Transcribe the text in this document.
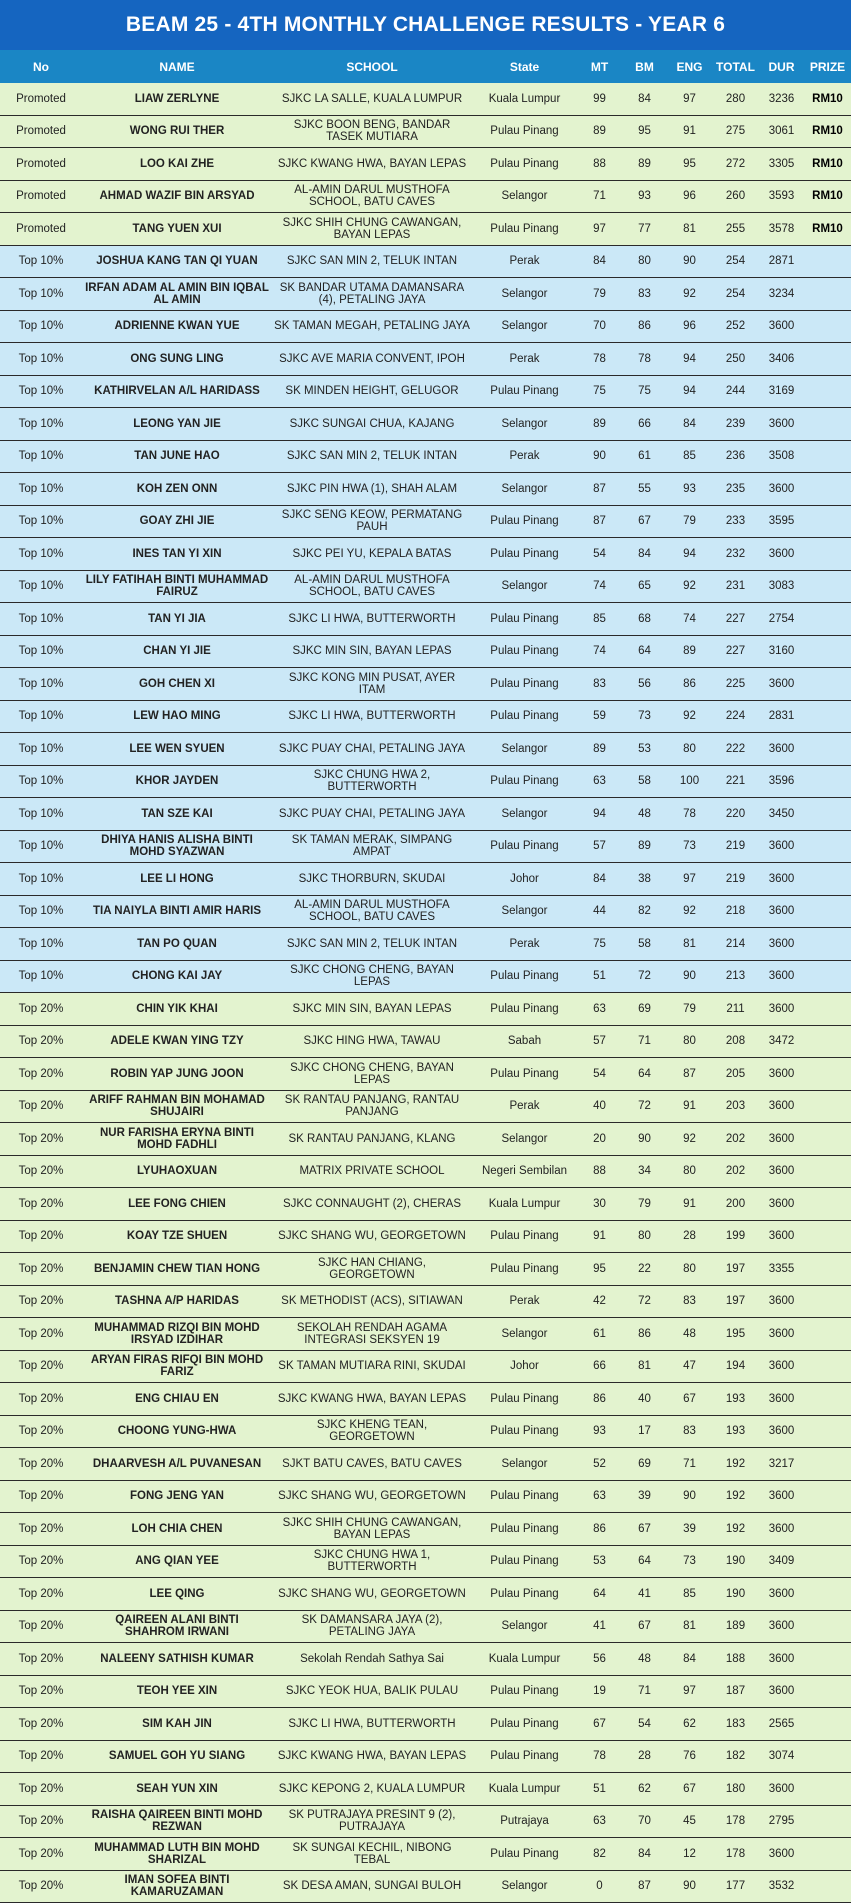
BEAM 25 - 4TH MONTHLY CHALLENGE RESULTS - YEAR 6
No	NAME	SCHOOL	State	MT	BM	ENG	TOTAL	DUR	PRIZE
Promoted	LIAW ZERLYNE	SJKC LA SALLE, KUALA LUMPUR	Kuala Lumpur	99	84	97	280	3236	RM10
Promoted	WONG RUI THER	SJKC BOON BENG, BANDAR TASEK MUTIARA	Pulau Pinang	89	95	91	275	3061	RM10
Promoted	LOO KAI ZHE	SJKC KWANG HWA, BAYAN LEPAS	Pulau Pinang	88	89	95	272	3305	RM10
Promoted	AHMAD WAZIF BIN ARSYAD	AL-AMIN DARUL MUSTHOFA SCHOOL, BATU CAVES	Selangor	71	93	96	260	3593	RM10
Promoted	TANG YUEN XUI	SJKC SHIH CHUNG CAWANGAN, BAYAN LEPAS	Pulau Pinang	97	77	81	255	3578	RM10
Top 10%	JOSHUA KANG TAN QI YUAN	SJKC SAN MIN 2, TELUK INTAN	Perak	84	80	90	254	2871	
Top 10%	IRFAN ADAM AL AMIN BIN IQBAL AL AMIN	SK BANDAR UTAMA DAMANSARA (4), PETALING JAYA	Selangor	79	83	92	254	3234	
Top 10%	ADRIENNE KWAN YUE	SK TAMAN MEGAH, PETALING JAYA	Selangor	70	86	96	252	3600	
Top 10%	ONG SUNG LING	SJKC AVE MARIA CONVENT, IPOH	Perak	78	78	94	250	3406	
Top 10%	KATHIRVELAN A/L HARIDASS	SK MINDEN HEIGHT, GELUGOR	Pulau Pinang	75	75	94	244	3169	
Top 10%	LEONG YAN JIE	SJKC SUNGAI CHUA, KAJANG	Selangor	89	66	84	239	3600	
Top 10%	TAN JUNE HAO	SJKC SAN MIN 2, TELUK INTAN	Perak	90	61	85	236	3508	
Top 10%	KOH ZEN ONN	SJKC PIN HWA (1), SHAH ALAM	Selangor	87	55	93	235	3600	
Top 10%	GOAY ZHI JIE	SJKC SENG KEOW, PERMATANG PAUH	Pulau Pinang	87	67	79	233	3595	
Top 10%	INES TAN YI XIN	SJKC PEI YU, KEPALA BATAS	Pulau Pinang	54	84	94	232	3600	
Top 10%	LILY FATIHAH BINTI MUHAMMAD FAIRUZ	AL-AMIN DARUL MUSTHOFA SCHOOL, BATU CAVES	Selangor	74	65	92	231	3083	
Top 10%	TAN YI JIA	SJKC LI HWA, BUTTERWORTH	Pulau Pinang	85	68	74	227	2754	
Top 10%	CHAN YI JIE	SJKC MIN SIN, BAYAN LEPAS	Pulau Pinang	74	64	89	227	3160	
Top 10%	GOH CHEN XI	SJKC KONG MIN PUSAT, AYER ITAM	Pulau Pinang	83	56	86	225	3600	
Top 10%	LEW HAO MING	SJKC LI HWA, BUTTERWORTH	Pulau Pinang	59	73	92	224	2831	
Top 10%	LEE WEN SYUEN	SJKC PUAY CHAI, PETALING JAYA	Selangor	89	53	80	222	3600	
Top 10%	KHOR JAYDEN	SJKC CHUNG HWA 2, BUTTERWORTH	Pulau Pinang	63	58	100	221	3596	
Top 10%	TAN SZE KAI	SJKC PUAY CHAI, PETALING JAYA	Selangor	94	48	78	220	3450	
Top 10%	DHIYA HANIS ALISHA BINTI MOHD SYAZWAN	SK TAMAN MERAK, SIMPANG AMPAT	Pulau Pinang	57	89	73	219	3600	
Top 10%	LEE LI HONG	SJKC THORBURN, SKUDAI	Johor	84	38	97	219	3600	
Top 10%	TIA NAIYLA BINTI AMIR HARIS	AL-AMIN DARUL MUSTHOFA SCHOOL, BATU CAVES	Selangor	44	82	92	218	3600	
Top 10%	TAN PO QUAN	SJKC SAN MIN 2, TELUK INTAN	Perak	75	58	81	214	3600	
Top 10%	CHONG KAI JAY	SJKC CHONG CHENG, BAYAN LEPAS	Pulau Pinang	51	72	90	213	3600	
Top 20%	CHIN YIK KHAI	SJKC MIN SIN, BAYAN LEPAS	Pulau Pinang	63	69	79	211	3600	
Top 20%	ADELE KWAN YING TZY	SJKC HING HWA, TAWAU	Sabah	57	71	80	208	3472	
Top 20%	ROBIN YAP JUNG JOON	SJKC CHONG CHENG, BAYAN LEPAS	Pulau Pinang	54	64	87	205	3600	
Top 20%	ARIFF RAHMAN BIN MOHAMAD SHUJAIRI	SK RANTAU PANJANG, RANTAU PANJANG	Perak	40	72	91	203	3600	
Top 20%	NUR FARISHA ERYNA BINTI MOHD FADHLI	SK RANTAU PANJANG, KLANG	Selangor	20	90	92	202	3600	
Top 20%	LYUHAOXUAN	MATRIX PRIVATE SCHOOL	Negeri Sembilan	88	34	80	202	3600	
Top 20%	LEE FONG CHIEN	SJKC CONNAUGHT (2), CHERAS	Kuala Lumpur	30	79	91	200	3600	
Top 20%	KOAY TZE SHUEN	SJKC SHANG WU, GEORGETOWN	Pulau Pinang	91	80	28	199	3600	
Top 20%	BENJAMIN CHEW TIAN HONG	SJKC HAN CHIANG, GEORGETOWN	Pulau Pinang	95	22	80	197	3355	
Top 20%	TASHNA A/P HARIDAS	SK METHODIST (ACS), SITIAWAN	Perak	42	72	83	197	3600	
Top 20%	MUHAMMAD RIZQI BIN MOHD IRSYAD IZDIHAR	SEKOLAH RENDAH AGAMA INTEGRASI SEKSYEN 19	Selangor	61	86	48	195	3600	
Top 20%	ARYAN FIRAS RIFQI BIN MOHD FARIZ	SK TAMAN MUTIARA RINI, SKUDAI	Johor	66	81	47	194	3600	
Top 20%	ENG CHIAU EN	SJKC KWANG HWA, BAYAN LEPAS	Pulau Pinang	86	40	67	193	3600	
Top 20%	CHOONG YUNG-HWA	SJKC KHENG TEAN, GEORGETOWN	Pulau Pinang	93	17	83	193	3600	
Top 20%	DHAARVESH A/L PUVANESAN	SJKT BATU CAVES, BATU CAVES	Selangor	52	69	71	192	3217	
Top 20%	FONG JENG YAN	SJKC SHANG WU, GEORGETOWN	Pulau Pinang	63	39	90	192	3600	
Top 20%	LOH CHIA CHEN	SJKC SHIH CHUNG CAWANGAN, BAYAN LEPAS	Pulau Pinang	86	67	39	192	3600	
Top 20%	ANG QIAN YEE	SJKC CHUNG HWA 1, BUTTERWORTH	Pulau Pinang	53	64	73	190	3409	
Top 20%	LEE QING	SJKC SHANG WU, GEORGETOWN	Pulau Pinang	64	41	85	190	3600	
Top 20%	QAIREEN ALANI BINTI SHAHROM IRWANI	SK DAMANSARA JAYA (2), PETALING JAYA	Selangor	41	67	81	189	3600	
Top 20%	NALEENY SATHISH KUMAR	Sekolah Rendah Sathya Sai	Kuala Lumpur	56	48	84	188	3600	
Top 20%	TEOH YEE XIN	SJKC YEOK HUA, BALIK PULAU	Pulau Pinang	19	71	97	187	3600	
Top 20%	SIM KAH JIN	SJKC LI HWA, BUTTERWORTH	Pulau Pinang	67	54	62	183	2565	
Top 20%	SAMUEL GOH YU SIANG	SJKC KWANG HWA, BAYAN LEPAS	Pulau Pinang	78	28	76	182	3074	
Top 20%	SEAH YUN XIN	SJKC KEPONG 2, KUALA LUMPUR	Kuala Lumpur	51	62	67	180	3600	
Top 20%	RAISHA QAIREEN BINTI MOHD REZWAN	SK PUTRAJAYA PRESINT 9 (2), PUTRAJAYA	Putrajaya	63	70	45	178	2795	
Top 20%	MUHAMMAD LUTH BIN MOHD SHARIZAL	SK SUNGAI KECHIL, NIBONG TEBAL	Pulau Pinang	82	84	12	178	3600	
Top 20%	IMAN SOFEA BINTI KAMARUZAMAN	SK DESA AMAN, SUNGAI BULOH	Selangor	0	87	90	177	3532	
